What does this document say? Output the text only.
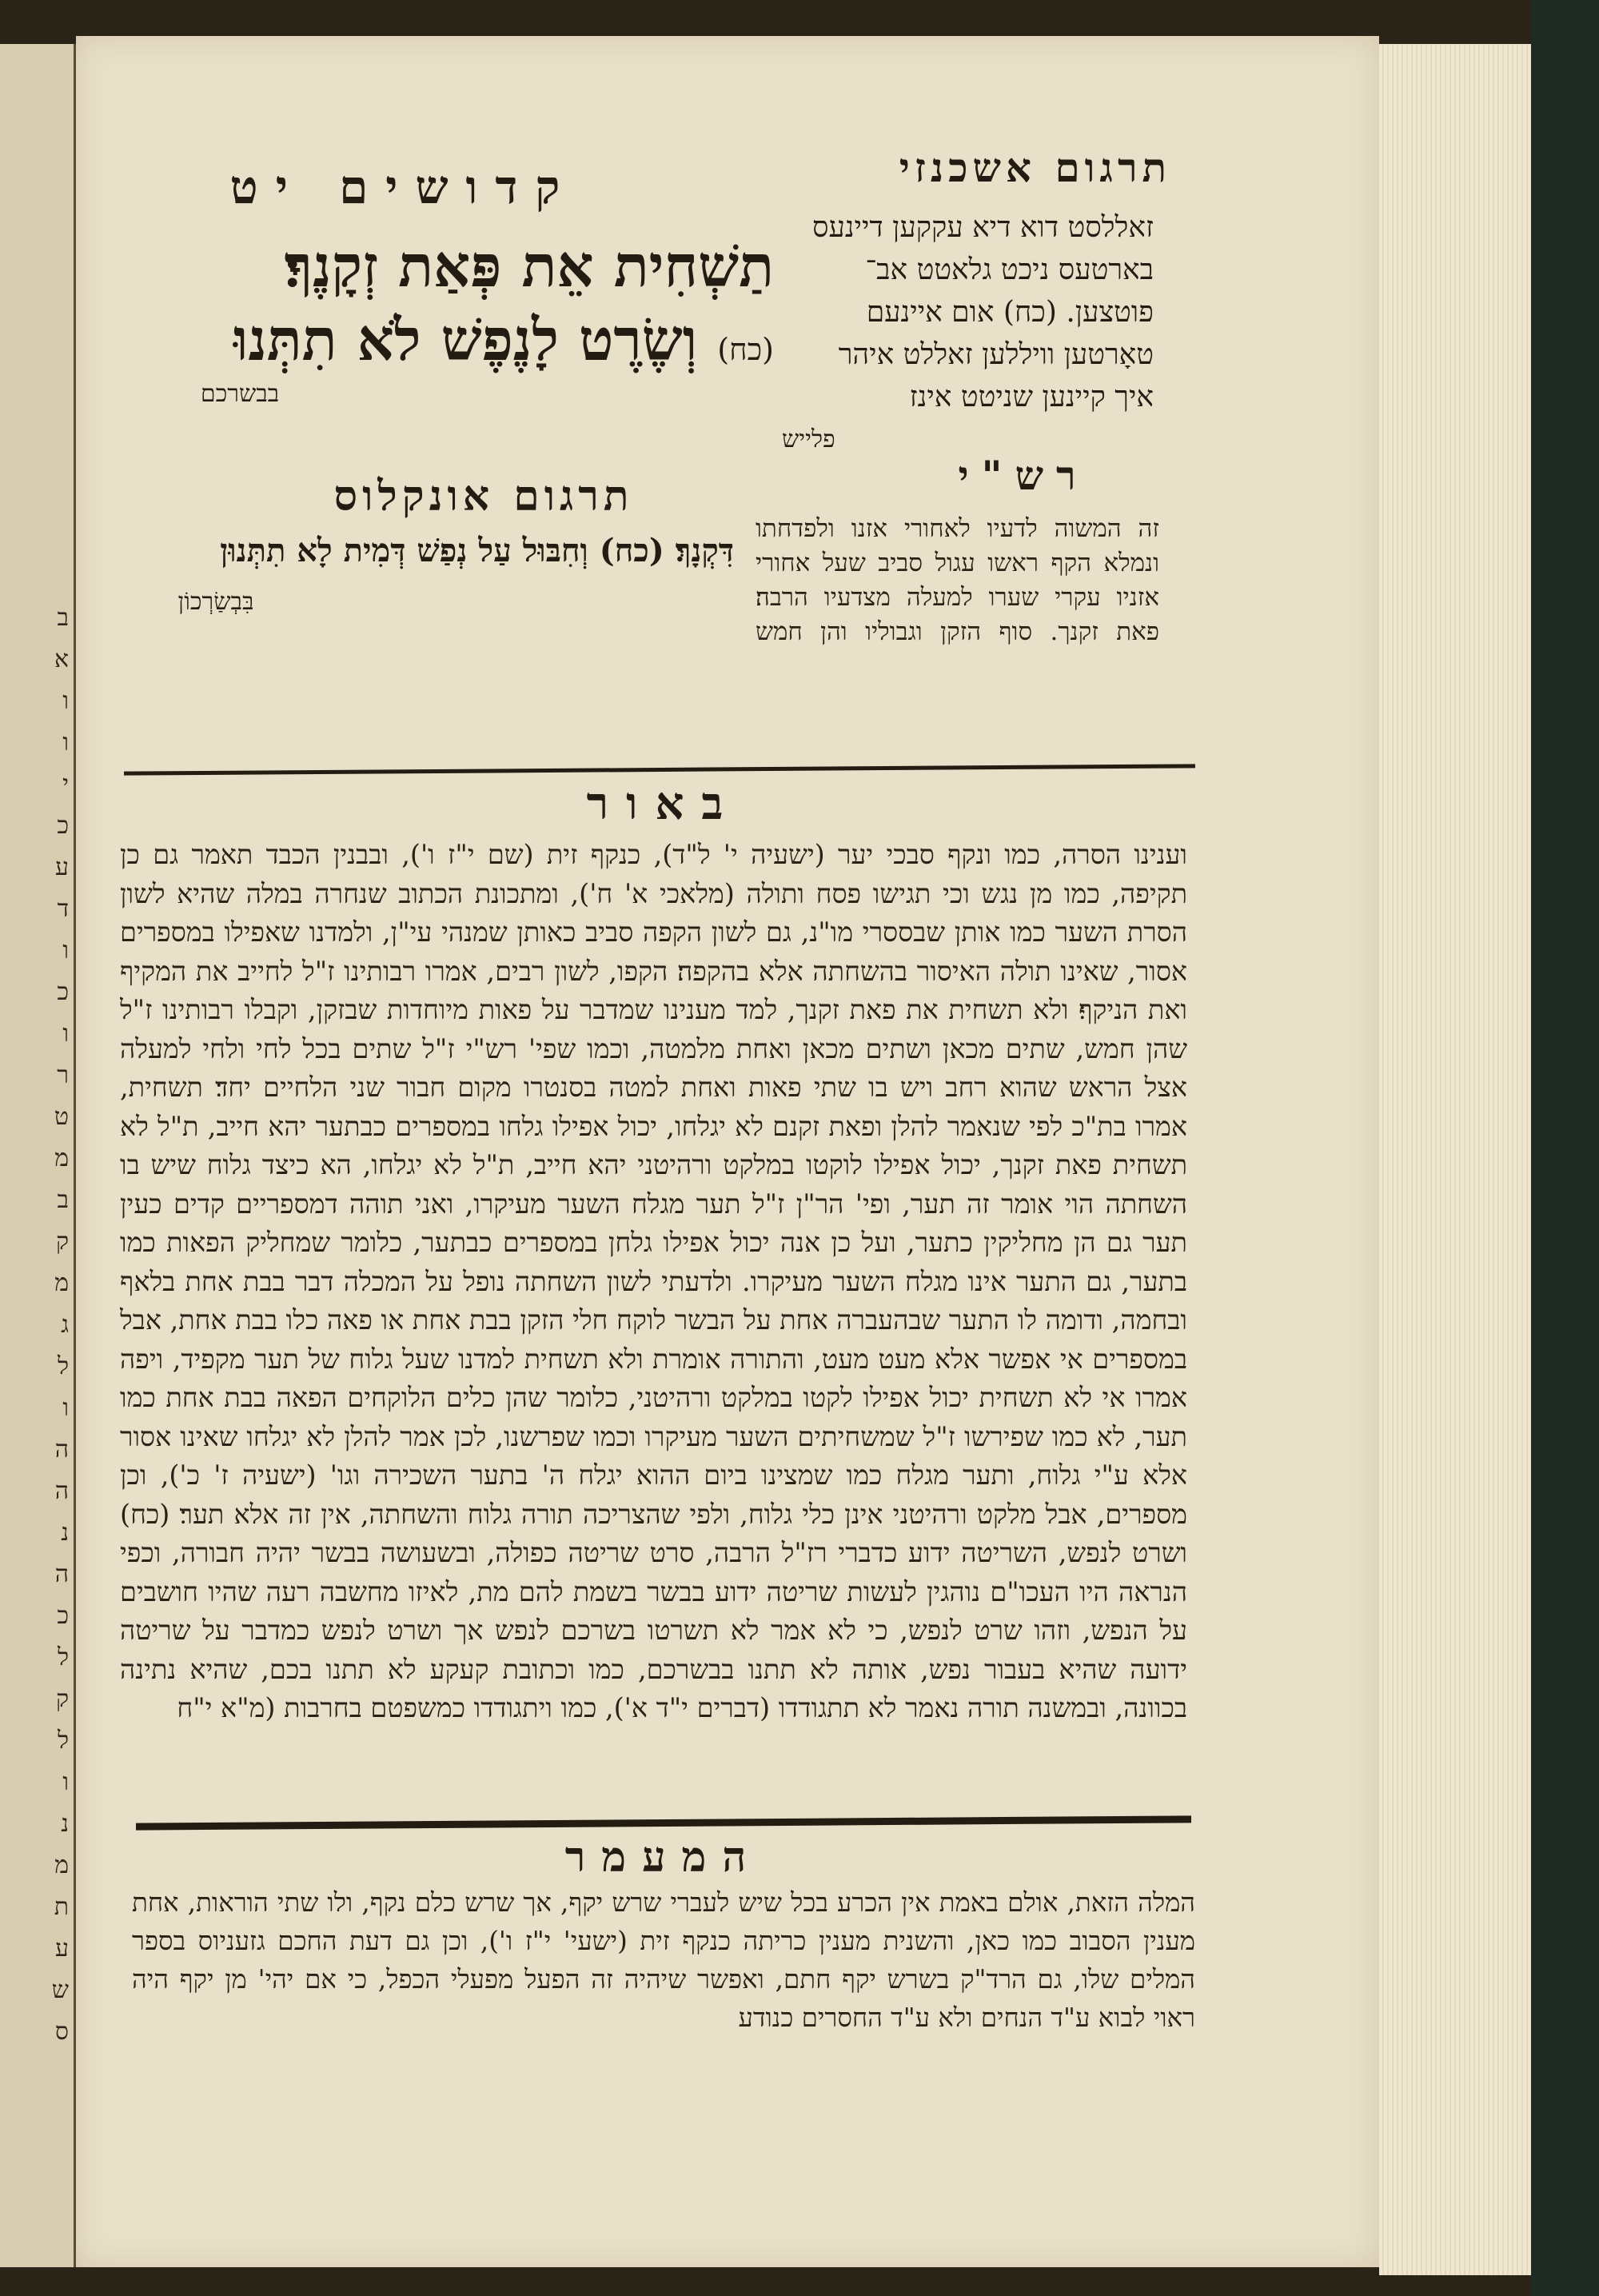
ב
א
ו
ו
י
כ
ע
ד
ו
כ
ו
ר
ט
מ
ב
ק
מ
ג
ל
ו
ה
ה
נ
ה
כ
ל
ק
ל
ו
נ
מ
ת
ע
ש
ס
קדושים יט	תרגום אשכנזי
תַשְׁחִית אֵת פְּאַת זְקָנֶךָ׃
(כח) וְשֶׂרֶט לָנֶפֶשׁ לֹא תִתְּנוּ
בבשרכם
זאללסט דוא דיא עקקען דיינעס
בארטעס ניכט גלאטט אב־
פוטצען. (כח) אום איינעם
טאָרטען וויללען זאללט איהר
איך קיינען שניטט אינז
פלייש
רש"י
תרגום אונקלוס
דִּקְנָךְ׃ (כח) וְחִבּוּל עַל נְפַשׁ דְּמִית לָא תִתְּנוּן
בִּבְשַׂרְכוֹן

זה המשוה לדעיו לאחורי אזנו ולפדחתו ונמלא הקף ראשו עגול סביב שעל אחורי אזניו עקרי שערו למעלה מצדעיו הרבה׃ פאת זקנך. סוף הזקן וגבוליו והן חמש

באור

וענינו הסרה, כמו ונקף סבכי יער (ישעיה י' ל"ד), כנקף זית (שם י"ז ו'), ובבנין הכבד תאמר גם כן תקיפה, כמו מן נגש וכי תגישו פסח ותולה (מלאכי א' ח'), ומתכונת הכתוב שנחרה במלה שהיא לשון הסרת השער כמו אותן שבססרי מו"נ, גם לשון הקפה סביב כאותן שמנהי עי"ן, ולמדנו שאפילו במספרים אסור, שאינו תולה האיסור בהשחתה אלא בהקפה׃ הקפו, לשון רבים, אמרו רבותינו ז"ל לחייב את המקיף ואת הניקף׃ ולא תשחית את פאת זקנך, למד מענינו שמדבר על פאות מיוחדות שבזקן, וקבלו רבותינו ז"ל שהן חמש, שתים מכאן ושתים מכאן ואחת מלמטה, וכמו שפי' רש"י ז"ל שתים בכל לחי ולחי למעלה אצל הראש שהוא רחב ויש בו שתי פאות ואחת למטה בסנטרו מקום חבור שני הלחיים יחד׃ תשחית, אמרו בת"כ לפי שנאמר להלן ופאת זקנם לא יגלחו, יכול אפילו גלחו במספרים כבתער יהא חייב, ת"ל לא תשחית פאת זקנך, יכול אפילו לוקטו במלקט ורהיטני יהא חייב, ת"ל לא יגלחו, הא כיצד גלוח שיש בו השחתה הוי אומר זה תער, ופי' הר"ן ז"ל תער מגלח השער מעיקרו, ואני תוהה דמספריים קדים כעין תער גם הן מחליקין כתער, ועל כן אנה יכול אפילו גלחן במספרים כבתער, כלומר שמחליק הפאות כמו בתער, גם התער אינו מגלח השער מעיקרו. ולדעתי לשון השחתה נופל על המכלה דבר בבת אחת בלאף ובחמה, ודומה לו התער שבהעברה אחת על הבשר לוקח חלי הזקן בבת אחת או פאה כלו בבת אחת, אבל במספרים אי אפשר אלא מעט מעט, והתורה אומרת ולא תשחית למדנו שעל גלוח של תער מקפיד, ויפה אמרו אי לא תשחית יכול אפילו לקטו במלקט ורהיטני, כלומר שהן כלים הלוקחים הפאה בבת אחת כמו תער, לא כמו שפירשו ז"ל שמשחיתים השער מעיקרו וכמו שפרשנו, לכן אמר להלן לא יגלחו שאינו אסור אלא ע"י גלוח, ותער מגלח כמו שמצינו ביום ההוא יגלח ה' בתער השכירה וגו' (ישעיה ז' כ'), וכן מספרים, אבל מלקט ורהיטני אינן כלי גלוח, ולפי שהצריכה תורה גלוח והשחתה, אין זה אלא תער׃ (כח) ושרט לנפש, השריטה ידוע כדברי רז"ל הרבה, סרט שריטה כפולה, ובשעושה בבשר יהיה חבורה, וכפי הנראה היו העכו"ם נוהגין לעשות שריטה ידוע בבשר בשמת להם מת, לאיזו מחשבה רעה שהיו חושבים על הנפש, וזהו שרט לנפש, כי לא אמר לא תשרטו בשרכם לנפש אך ושרט לנפש כמדבר על שריטה ידועה שהיא בעבור נפש, אותה לא תתנו בבשרכם, כמו וכתובת קעקע לא תתנו בכם, שהיא נתינה בכוונה, ובמשנה תורה נאמר לא תתגודדו (דברים י"ד א'), כמו ויתגודדו כמשפטם בחרבות (מ"א י"ח

המעמר

המלה הזאת, אולם באמת אין הכרע בכל שיש לעברי שרש יקף, אך שרש כלם נקף, ולו שתי הוראות, אחת מענין הסבוב כמו כאן, והשנית מענין כריתה כנקף זית (ישעי' י"ז ו'), וכן גם דעת החכם גזעניוס בספר המלים שלו, גם הרד"ק בשרש יקף חתם, ואפשר שיהיה זה הפעל מפעלי הכפל, כי אם יהי' מן יקף היה ראוי לבוא ע"ד הנחים ולא ע"ד החסרים כנודע
